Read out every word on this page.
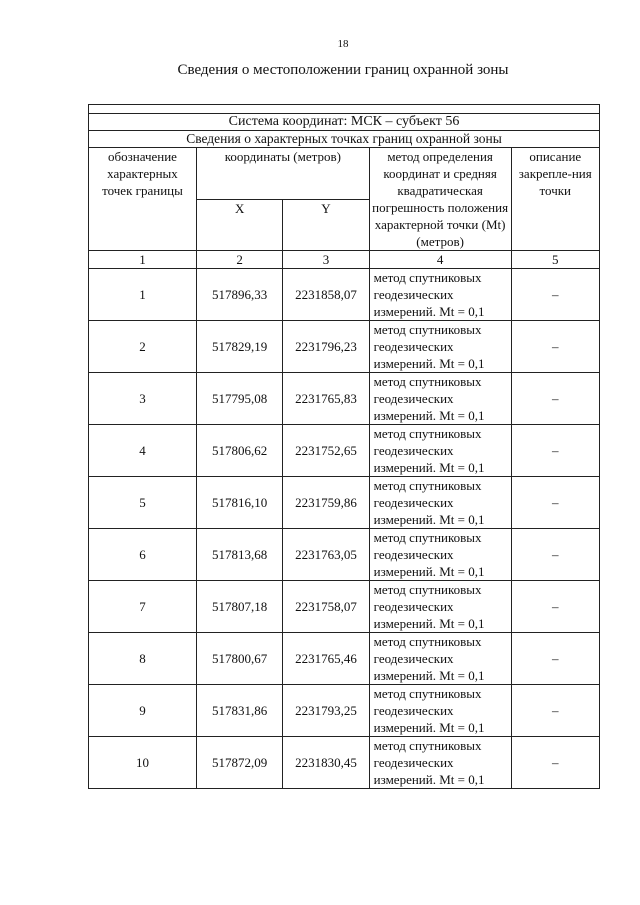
18
Сведения о местоположении границ охранной зоны

Система координат: МСК – субъект 56				
Сведения о характерных точках границ охранной зоны				
обозначение характерных точек границы	координаты (метров)		метод определения координат и средняя квадратическая погрешность положения характерной точки (Mt) (метров)	описание закрепле-ния точки
	X	Y		
1	2	3	4	5
1	517896,33	2231858,07	метод спутниковых геодезических измерений. Mt = 0,1	–
2	517829,19	2231796,23	метод спутниковых геодезических измерений. Mt = 0,1	–
3	517795,08	2231765,83	метод спутниковых геодезических измерений. Mt = 0,1	–
4	517806,62	2231752,65	метод спутниковых геодезических измерений. Mt = 0,1	–
5	517816,10	2231759,86	метод спутниковых геодезических измерений. Mt = 0,1	–
6	517813,68	2231763,05	метод спутниковых геодезических измерений. Mt = 0,1	–
7	517807,18	2231758,07	метод спутниковых геодезических измерений. Mt = 0,1	–
8	517800,67	2231765,46	метод спутниковых геодезических измерений. Mt = 0,1	–
9	517831,86	2231793,25	метод спутниковых геодезических измерений. Mt = 0,1	–
10	517872,09	2231830,45	метод спутниковых геодезических измерений. Mt = 0,1	–
